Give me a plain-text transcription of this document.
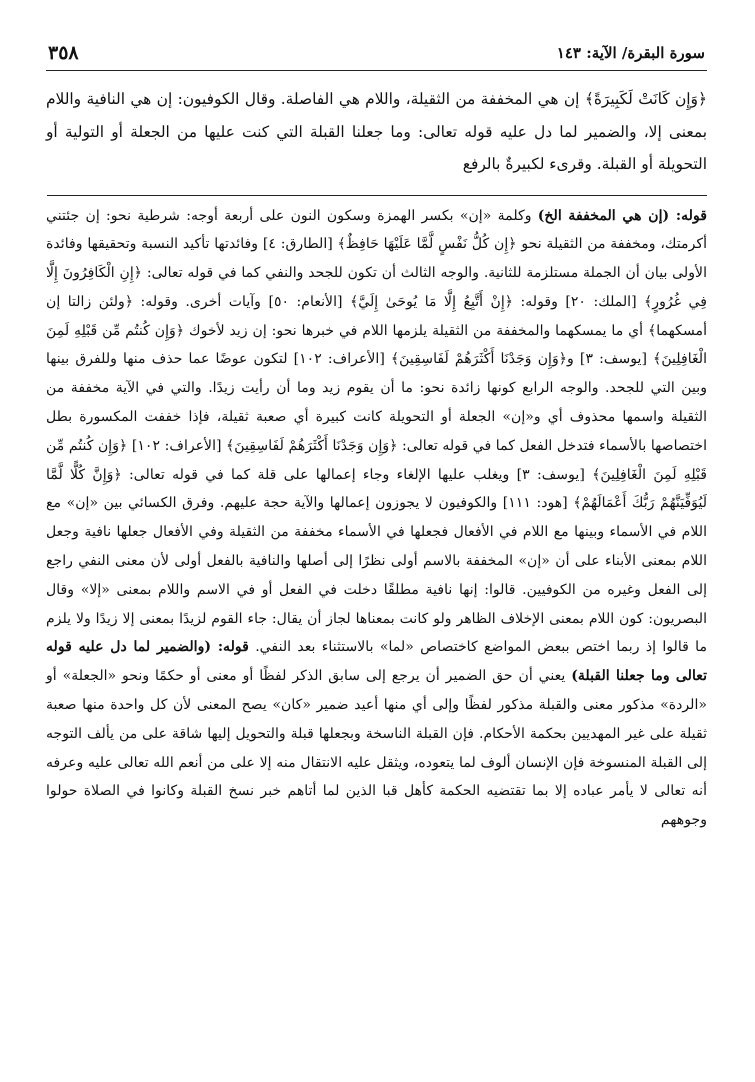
٣٥٨	سورة البقرة/ الآية: ١٤٣

﴿وَإِن كَانَتْ لَكَبِيرَةً﴾ إن هي المخففة من الثقيلة، واللام هي الفاصلة. وقال الكوفيون: إن هي النافية واللام بمعنى إلا، والضمير لما دل عليه قوله تعالى: وما جعلنا القبلة التي كنت عليها من الجعلة أو التولية أو التحويلة أو القبلة. وقرىء لكبيرةٌ بالرفع

قوله: (إن هي المخففة الخ) وكلمة «إن» بكسر الهمزة وسكون النون على أربعة أوجه: شرطية نحو: إن جئتني أكرمتك، ومخففة من الثقيلة نحو ﴿إِن كُلُّ نَفْسٍ لَّمَّا عَلَيْهَا حَافِظٌ﴾ [الطارق: ٤] وفائدتها تأكيد النسبة وتحقيقها وفائدة الأولى بيان أن الجملة مستلزمة للثانية. والوجه الثالث أن تكون للجحد والنفي كما في قوله تعالى: ﴿إِنِ الْكَافِرُونَ إِلَّا فِي غُرُورٍ﴾ [الملك: ٢٠] وقوله: ﴿إِنْ أَتَّبِعُ إِلَّا مَا يُوحَىٰ إِلَيَّ﴾ [الأنعام: ٥٠] وآيات أخرى. وقوله: ﴿ولئن زالتا إن أمسكهما﴾ أي ما يمسكهما والمخففة من الثقيلة يلزمها اللام في خبرها نحو: إن زيد لأخوك ﴿وَإِن كُنتُم مِّن قَبْلِهِ لَمِنَ الْغَافِلِينَ﴾ [يوسف: ٣] و﴿وَإِن وَجَدْنَا أَكْثَرَهُمْ لَفَاسِقِينَ﴾ [الأعراف: ١٠٢] لتكون عوضًا عما حذف منها وللفرق بينها وبين التي للجحد. والوجه الرابع كونها زائدة نحو: ما أن يقوم زيد وما أن رأيت زيدًا. والتي في الآية مخففة من الثقيلة واسمها محذوف أي و«إن» الجعلة أو التحويلة كانت كبيرة أي صعبة ثقيلة، فإذا خففت المكسورة بطل اختصاصها بالأسماء فتدخل الفعل كما في قوله تعالى: ﴿وَإِن وَجَدْنَا أَكْثَرَهُمْ لَفَاسِقِينَ﴾ [الأعراف: ١٠٢] ﴿وَإِن كُنتُم مِّن قَبْلِهِ لَمِنَ الْغَافِلِينَ﴾ [يوسف: ٣] ويغلب عليها الإلغاء وجاء إعمالها على قلة كما في قوله تعالى: ﴿وَإِنَّ كُلًّا لَّمَّا لَيُوَفِّيَنَّهُمْ رَبُّكَ أَعْمَالَهُمْ﴾ [هود: ١١١] والكوفيون لا يجوزون إعمالها والآية حجة عليهم. وفرق الكسائي بين «إن» مع اللام في الأسماء وبينها مع اللام في الأفعال فجعلها في الأسماء مخففة من الثقيلة وفي الأفعال جعلها نافية وجعل اللام بمعنى الأبناء على أن «إن» المخففة بالاسم أولى نظرًا إلى أصلها والنافية بالفعل أولى لأن معنى النفي راجع إلى الفعل وغيره من الكوفيين. قالوا: إنها نافية مطلقًا دخلت في الفعل أو في الاسم واللام بمعنى «إلا» وقال البصريون: كون اللام بمعنى الإخلاف الظاهر ولو كانت بمعناها لجاز أن يقال: جاء القوم لزيدًا بمعنى إلا زيدًا ولا يلزم ما قالوا إذ ربما اختص ببعض المواضع كاختصاص «لما» بالاستثناء بعد النفي. قوله: (والضمير لما دل عليه قوله تعالى وما جعلنا القبلة) يعني أن حق الضمير أن يرجع إلى سابق الذكر لفظًا أو معنى أو حكمًا ونحو «الجعلة» أو «الردة» مذكور معنى والقبلة مذكور لفظًا وإلى أي منها أعيد ضمير «كان» يصح المعنى لأن كل واحدة منها صعبة ثقيلة على غير المهديين بحكمة الأحكام. فإن القبلة الناسخة وبجعلها قبلة والتحويل إليها شاقة على من يألف التوجه إلى القبلة المنسوخة فإن الإنسان ألوف لما يتعوده، ويثقل عليه الانتقال منه إلا على من أنعم الله تعالى عليه وعرفه أنه تعالى لا يأمر عباده إلا بما تقتضيه الحكمة كأهل قبا الذين لما أتاهم خبر نسخ القبلة وكانوا في الصلاة حولوا وجوههم
